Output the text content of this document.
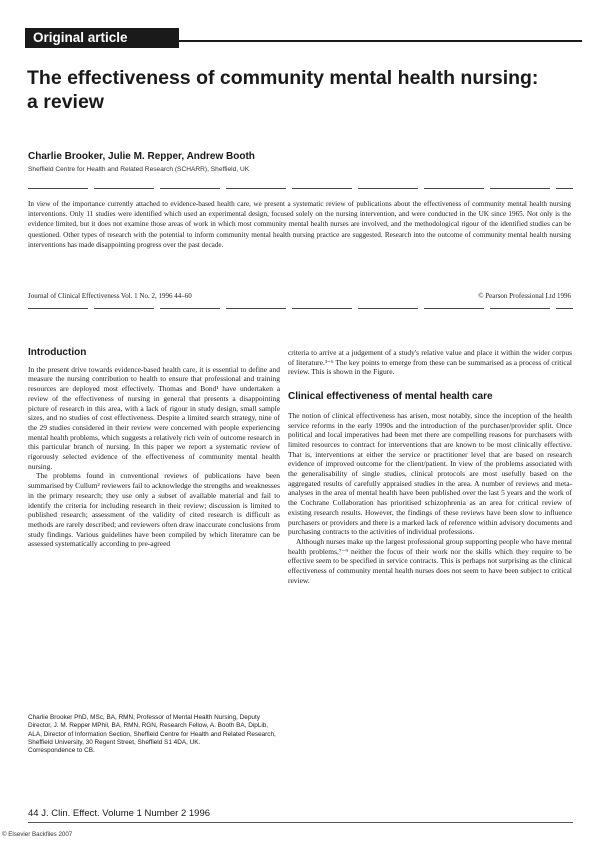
Original article
The effectiveness of community mental health nursing: a review
Charlie Brooker, Julie M. Repper, Andrew Booth
Sheffield Centre for Health and Related Research (SCHARR), Sheffield, UK

In view of the importance currently attached to evidence-based health care, we present a systematic review of publications about the effectiveness of community mental health nursing interventions. Only 11 studies were identified which used an experimental design, focused solely on the nursing intervention, and were conducted in the UK since 1965. Not only is the evidence limited, but it does not examine those areas of work in which most community mental health nurses are involved, and the methodological rigour of the identified studies can be questioned. Other types of research with the potential to inform community mental health nursing practice are suggested. Research into the outcome of community mental health nursing interventions has made disappointing progress over the past decade.

Journal of Clinical Effectiveness Vol. 1 No. 2, 1996 44–60	© Pearson Professional Ltd 1996
Introduction

In the present drive towards evidence-based health care, it is essential to define and measure the nursing contribution to health to ensure that professional and training resources are deployed most effectively. Thomas and Bond¹ have undertaken a review of the effectiveness of nursing in general that presents a disappointing picture of research in this area, with a lack of rigour in study design, small sample sizes, and no studies of cost effectiveness. Despite a limited search strategy, nine of the 29 studies considered in their review were concerned with people experiencing mental health problems, which suggests a relatively rich vein of outcome research in this particular branch of nursing. In this paper we report a systematic review of rigorously selected evidence of the effectiveness of community mental health nursing.

The problems found in conventional reviews of publications have been summarised by Cullum² reviewers fail to acknowledge the strengths and weaknesses in the primary research; they use only a subset of available material and fail to identify the criteria for including research in their review; discussion is limited to published research; assessment of the validity of cited research is difficult as methods are rarely described; and reviewers often draw inaccurate conclusions from study findings. Various guidelines have been compiled by which literature can be assessed systematically according to pre-agreed

criteria to arrive at a judgement of a study's relative value and place it within the wider corpus of literature.³⁻⁶ The key points to emerge from these can be summarised as a process of critical review. This is shown in the Figure.

Clinical effectiveness of mental health care

The notion of clinical effectiveness has arisen, most notably, since the inception of the health service reforms in the early 1990s and the introduction of the purchaser/provider split. Once political and local imperatives had been met there are compelling reasons for purchasers with limited resources to contract for interventions that are known to be most clinically effective. That is, interventions at either the service or practitioner level that are based on research evidence of improved outcome for the client/patient. In view of the problems associated with the generalisability of single studies, clinical protocols are most usefully based on the aggregated results of carefully appraised studies in the area. A number of reviews and meta-analyses in the area of mental health have been published over the last 5 years and the work of the Cochrane Collaboration has prioritised schizophrenia as an area for critical review of existing research results. However, the findings of these reviews have been slow to influence purchasers or providers and there is a marked lack of reference within advisory documents and purchasing contracts to the activities of individual professions.

Although nurses make up the largest professional group supporting people who have mental health problems,⁷⁻⁹ neither the focus of their work nor the skills which they require to be effective seem to be specified in service contracts. This is perhaps not surprising as the clinical effectiveness of community mental health nurses does not seem to have been subject to critical review.

Charlie Brooker PhD, MSc, BA, RMN, Professor of Mental Health Nursing, Deputy Director, J. M. Repper MPhil, BA, RMN, RGN, Research Fellow, A. Booth BA, DipLib, ALA, Director of Information Section, Sheffield Centre for Health and Related Research, Sheffield University, 30 Regent Street, Sheffield S1 4DA, UK.
Correspondence to CB.
44 J. Clin. Effect. Volume 1 Number 2 1996
© Elsevier Backfiles 2007
